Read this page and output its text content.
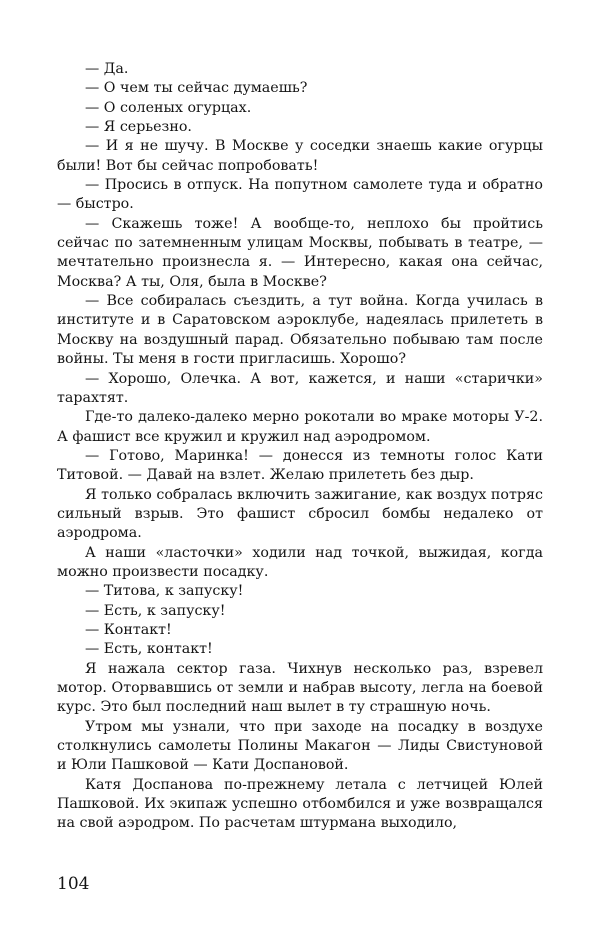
— Да.

— О чем ты сейчас думаешь?

— О соленых огурцах.

— Я серьезно.

— И я не шучу. В Москве у соседки знаешь какие огурцы были! Вот бы сейчас попробовать!

— Просись в отпуск. На попутном самолете туда и обратно — быстро.

— Скажешь тоже! А вообще-то, неплохо бы пройтись сейчас по затемненным улицам Москвы, побывать в театре, — мечтательно произнесла я. — Интересно, какая она сейчас, Москва? А ты, Оля, была в Москве?

— Все собиралась съездить, а тут война. Когда училась в институте и в Саратовском аэроклубе, надеялась прилететь в Москву на воздушный парад. Обязательно побываю там после войны. Ты меня в гости пригласишь. Хорошо?

— Хорошо, Олечка. А вот, кажется, и наши «старички» тарахтят.

Где-то далеко-далеко мерно рокотали во мраке моторы У-2. А фашист все кружил и кружил над аэродромом.

— Готово, Маринка! — донесся из темноты голос Кати Титовой. — Давай на взлет. Желаю прилететь без дыр.

Я только собралась включить зажигание, как воздух потряс сильный взрыв. Это фашист сбросил бомбы недалеко от аэродрома.

А наши «ласточки» ходили над точкой, выжидая, когда можно произвести посадку.

— Титова, к запуску!

— Есть, к запуску!

— Контакт!

— Есть, контакт!

Я нажала сектор газа. Чихнув несколько раз, взревел мотор. Оторвавшись от земли и набрав высоту, легла на боевой курс. Это был последний наш вылет в ту страшную ночь.

Утром мы узнали, что при заходе на посадку в воздухе столкнулись самолеты Полины Макагон — Лиды Свистуновой и Юли Пашковой — Кати Доспановой.

Катя Доспанова по-прежнему летала с летчицей Юлей Пашковой. Их экипаж успешно отбомбился и уже возвращался на свой аэродром. По расчетам штурмана выходило,

104
